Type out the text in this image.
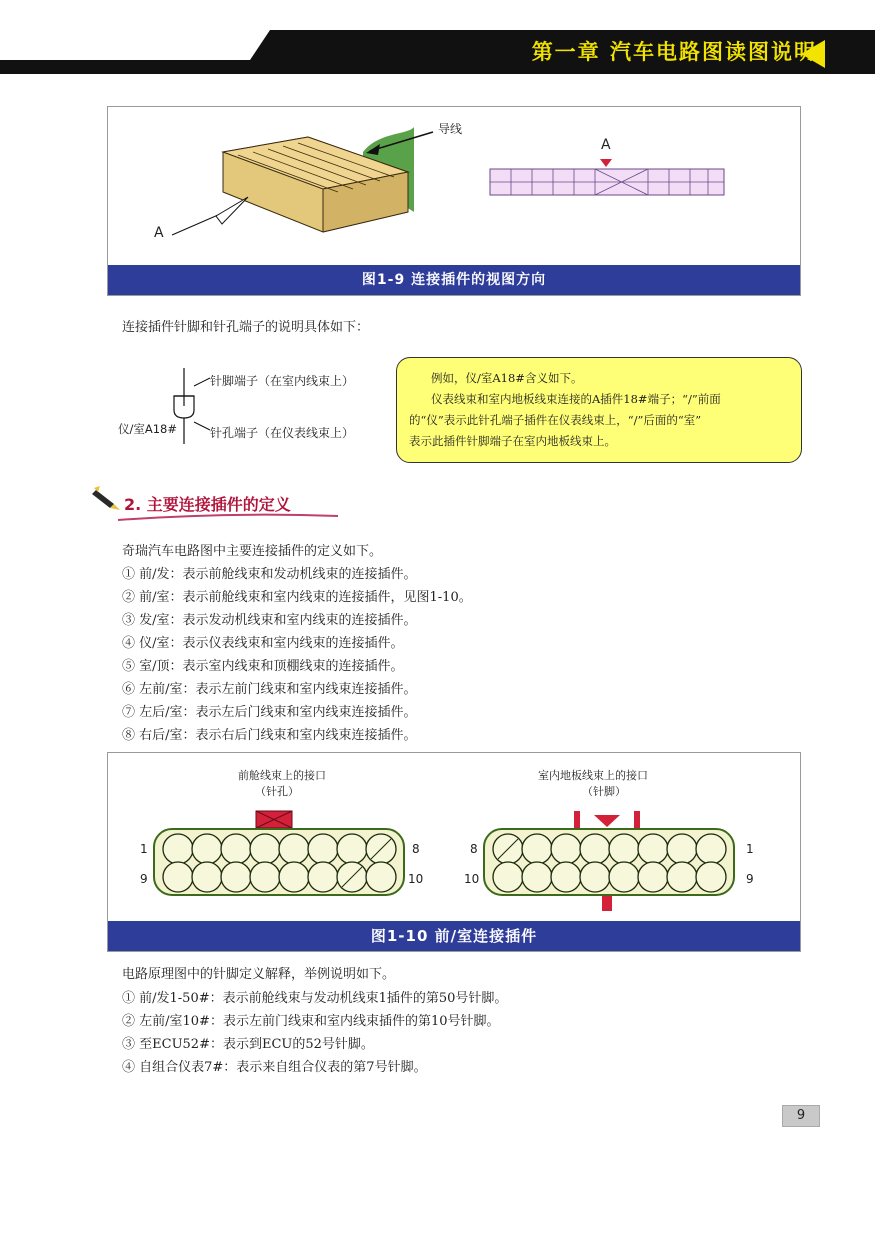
第一章 汽车电路图读图说明
导线
A
A
图1-9 连接插件的视图方向
连接插件针脚和针孔端子的说明具体如下：
针脚端子（在室内线束上）
针孔端子（在仪表线束上）
仪/室A18#

例如，仪/室A18#含义如下。

仪表线束和室内地板线束连接的A插件18#端子；“/”前面

的“仪”表示此针孔端子插件在仪表线束上，“/”后面的“室”

表示此插件针脚端子在室内地板线束上。

2. 主要连接插件的定义
奇瑞汽车电路图中主要连接插件的定义如下。
① 前/发：表示前舱线束和发动机线束的连接插件。
② 前/室：表示前舱线束和室内线束的连接插件，见图1-10。
③ 发/室：表示发动机线束和室内线束的连接插件。
④ 仪/室：表示仪表线束和室内线束的连接插件。
⑤ 室/顶：表示室内线束和顶棚线束的连接插件。
⑥ 左前/室：表示左前门线束和室内线束连接插件。
⑦ 左后/室：表示左后门线束和室内线束连接插件。
⑧ 右后/室：表示右后门线束和室内线束连接插件。
前舱线束上的接口
（针孔）
室内地板线束上的接口
（针脚）
1
9
8
10
8
10
1
9
图1-10 前/室连接插件
电路原理图中的针脚定义解释，举例说明如下。
① 前/发1-50#：表示前舱线束与发动机线束1插件的第50号针脚。
② 左前/室10#：表示左前门线束和室内线束插件的第10号针脚。
③ 至ECU52#：表示到ECU的52号针脚。
④ 自组合仪表7#：表示来自组合仪表的第7号针脚。
9
